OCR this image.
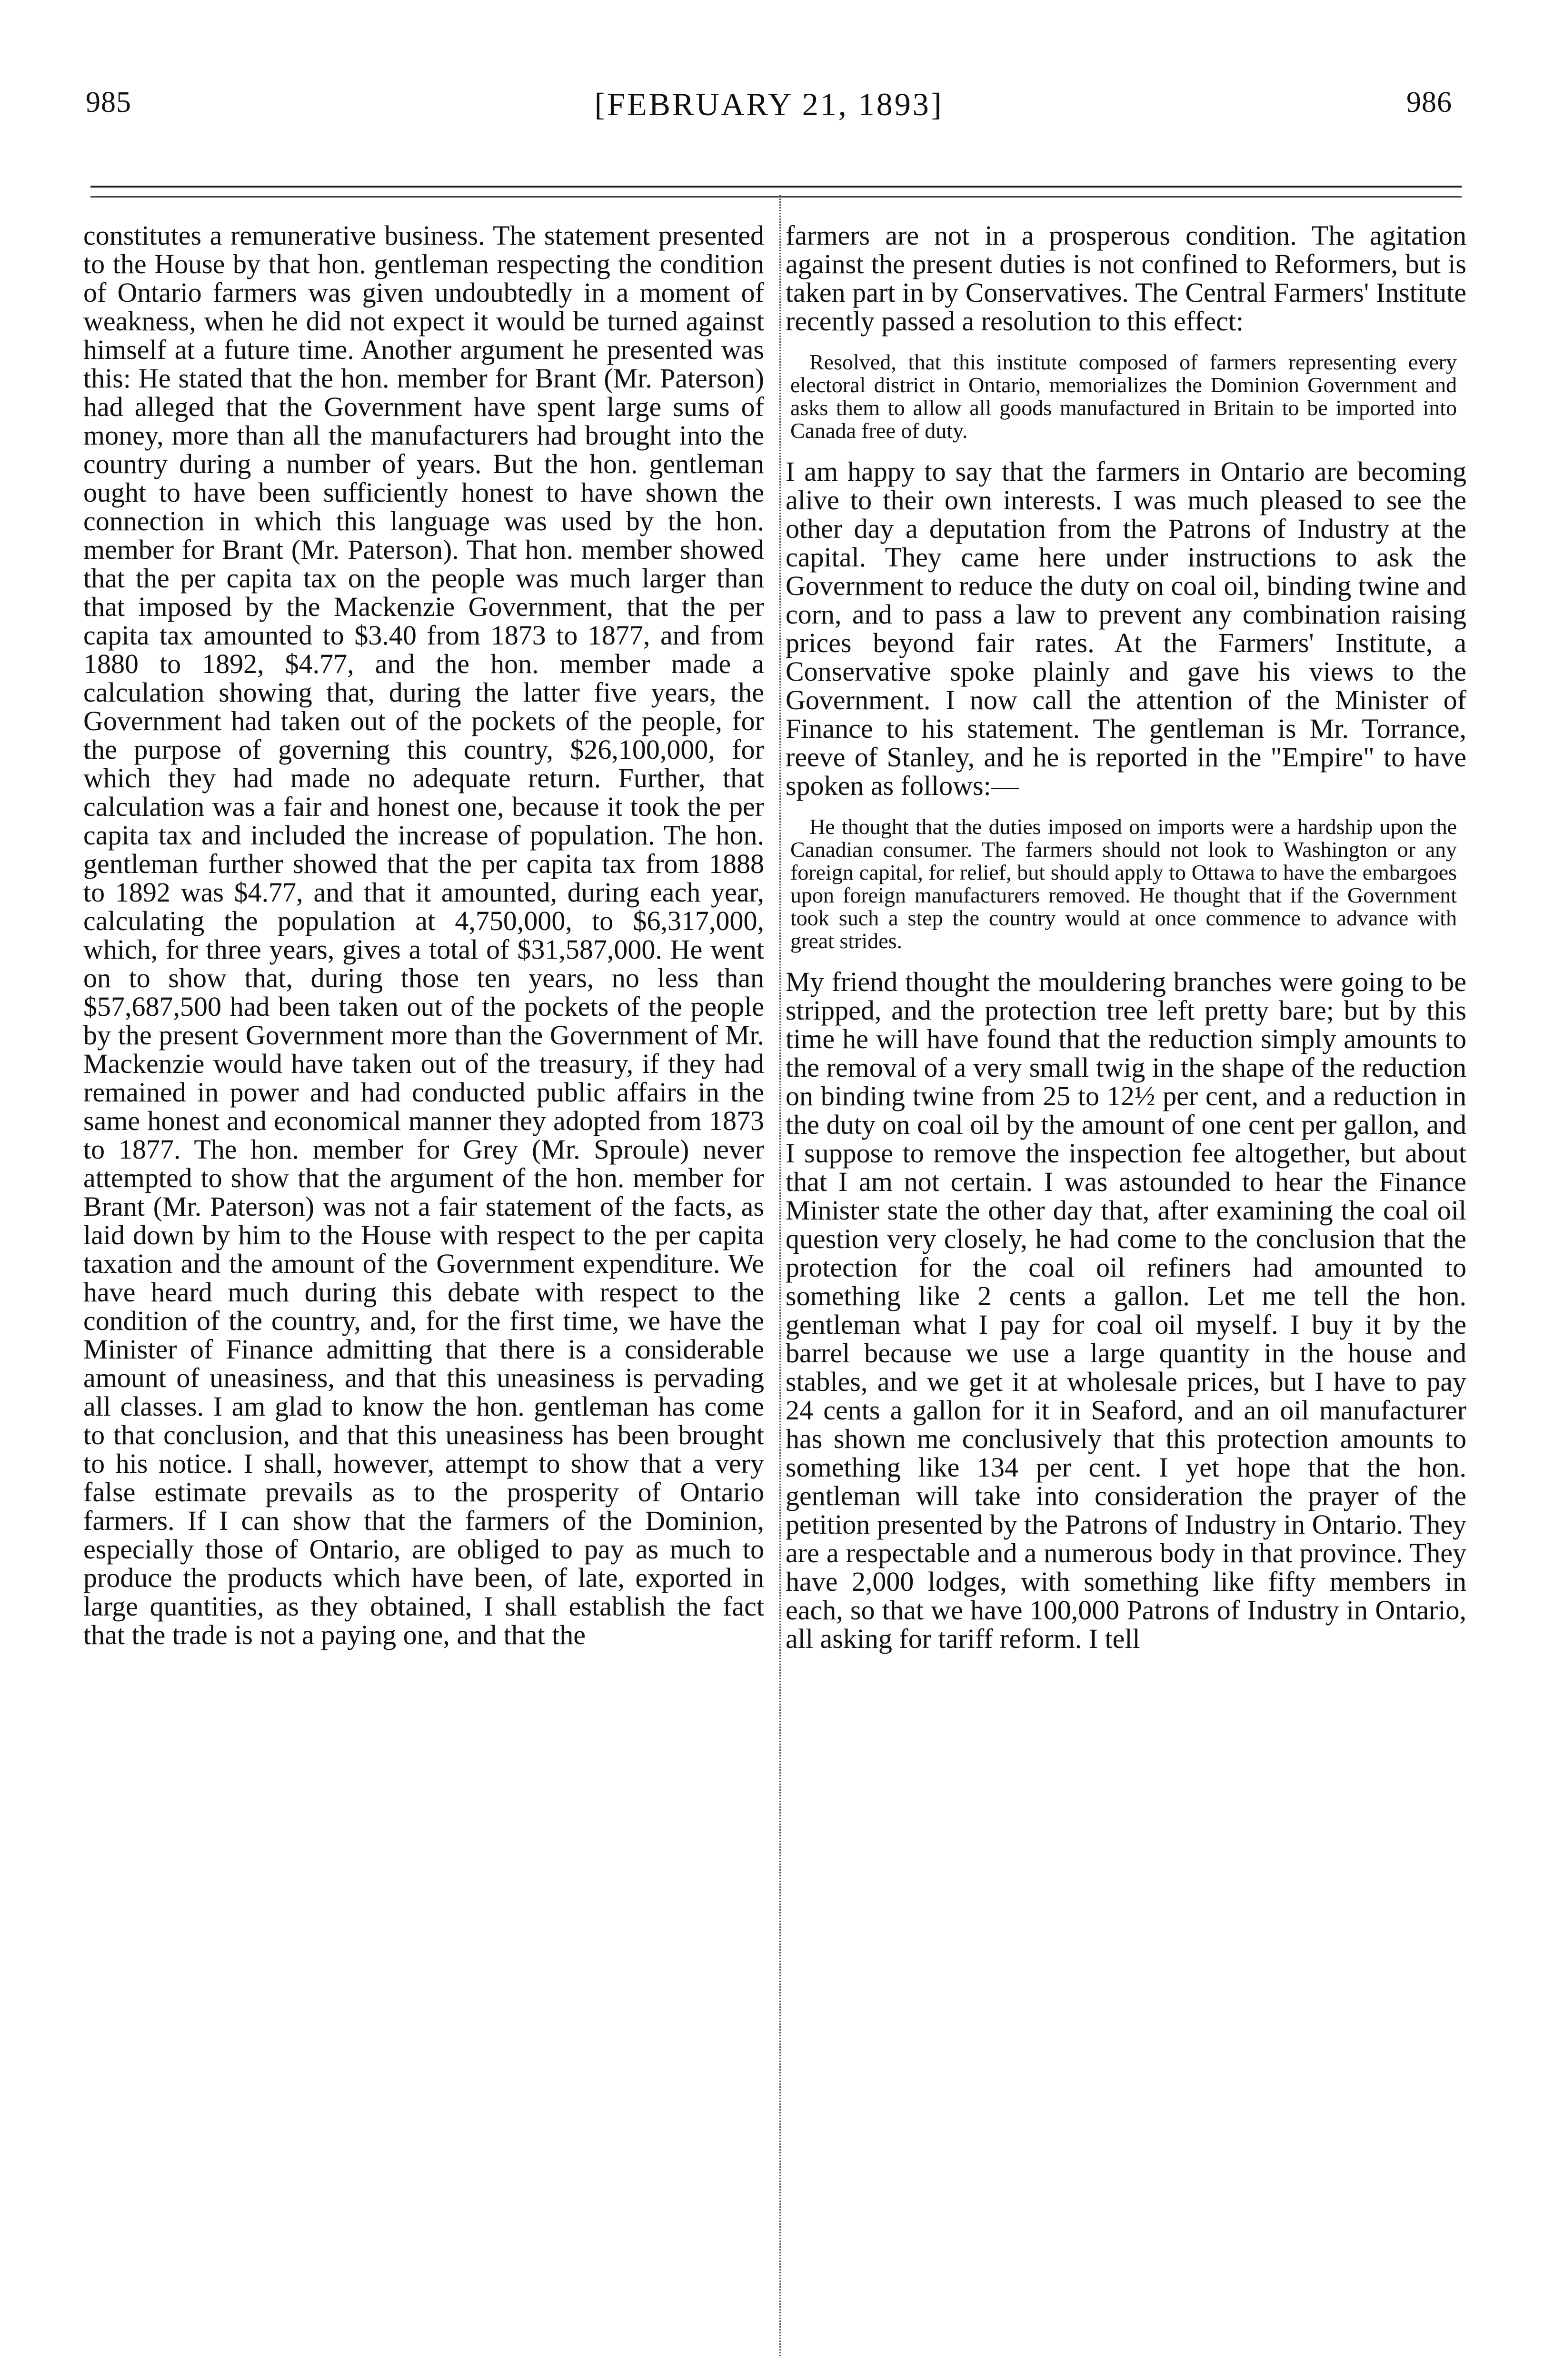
985	[FEBRUARY 21, 1893]	986

constitutes a remunerative business. The statement presented to the House by that hon. gentleman respecting the condition of Ontario farmers was given undoubtedly in a moment of weakness, when he did not expect it would be turned against himself at a future time. Another argument he presented was this: He stated that the hon. member for Brant (Mr. Paterson) had alleged that the Government have spent large sums of money, more than all the manufacturers had brought into the country during a number of years. But the hon. gentleman ought to have been sufficiently honest to have shown the connection in which this language was used by the hon. member for Brant (Mr. Paterson). That hon. member showed that the per capita tax on the people was much larger than that imposed by the Mackenzie Government, that the per capita tax amounted to $3.40 from 1873 to 1877, and from 1880 to 1892, $4.77, and the hon. member made a calculation showing that, during the latter five years, the Government had taken out of the pockets of the people, for the purpose of governing this country, $26,100,000, for which they had made no adequate return. Further, that calculation was a fair and honest one, because it took the per capita tax and included the increase of population. The hon. gentleman further showed that the per capita tax from 1888 to 1892 was $4.77, and that it amounted, during each year, calculating the population at 4,750,000, to $6,317,000, which, for three years, gives a total of $31,587,000. He went on to show that, during those ten years, no less than $57,687,500 had been taken out of the pockets of the people by the present Government more than the Government of Mr. Mackenzie would have taken out of the treasury, if they had remained in power and had conducted public affairs in the same honest and economical manner they adopted from 1873 to 1877. The hon. member for Grey (Mr. Sproule) never attempted to show that the argument of the hon. member for Brant (Mr. Paterson) was not a fair statement of the facts, as laid down by him to the House with respect to the per capita taxation and the amount of the Government expenditure. We have heard much during this debate with respect to the condition of the country, and, for the first time, we have the Minister of Finance admitting that there is a considerable amount of uneasiness, and that this uneasiness is pervading all classes. I am glad to know the hon. gentleman has come to that conclusion, and that this uneasiness has been brought to his notice. I shall, however, attempt to show that a very false estimate prevails as to the prosperity of Ontario farmers. If I can show that the farmers of the Dominion, especially those of Ontario, are obliged to pay as much to produce the products which have been, of late, exported in large quantities, as they obtained, I shall establish the fact that the trade is not a paying one, and that the

farmers are not in a prosperous condition. The agitation against the present duties is not confined to Reformers, but is taken part in by Conservatives. The Central Farmers' Institute recently passed a resolution to this effect:

Resolved, that this institute composed of farmers representing every electoral district in Ontario, memorializes the Dominion Government and asks them to allow all goods manufactured in Britain to be imported into Canada free of duty.

I am happy to say that the farmers in Ontario are becoming alive to their own interests. I was much pleased to see the other day a deputation from the Patrons of Industry at the capital. They came here under instructions to ask the Government to reduce the duty on coal oil, binding twine and corn, and to pass a law to prevent any combination raising prices beyond fair rates. At the Farmers' Institute, a Conservative spoke plainly and gave his views to the Government. I now call the attention of the Minister of Finance to his statement. The gentleman is Mr. Torrance, reeve of Stanley, and he is reported in the "Empire" to have spoken as follows:—

He thought that the duties imposed on imports were a hardship upon the Canadian consumer. The farmers should not look to Washington or any foreign capital, for relief, but should apply to Ottawa to have the embargoes upon foreign manufacturers removed. He thought that if the Government took such a step the country would at once commence to advance with great strides.

My friend thought the mouldering branches were going to be stripped, and the protection tree left pretty bare; but by this time he will have found that the reduction simply amounts to the removal of a very small twig in the shape of the reduction on binding twine from 25 to 12½ per cent, and a reduction in the duty on coal oil by the amount of one cent per gallon, and I suppose to remove the inspection fee altogether, but about that I am not certain. I was astounded to hear the Finance Minister state the other day that, after examining the coal oil question very closely, he had come to the conclusion that the protection for the coal oil refiners had amounted to something like 2 cents a gallon. Let me tell the hon. gentleman what I pay for coal oil myself. I buy it by the barrel because we use a large quantity in the house and stables, and we get it at wholesale prices, but I have to pay 24 cents a gallon for it in Seaford, and an oil manufacturer has shown me conclusively that this protection amounts to something like 134 per cent. I yet hope that the hon. gentleman will take into consideration the prayer of the petition presented by the Patrons of Industry in Ontario. They are a respectable and a numerous body in that province. They have 2,000 lodges, with something like fifty members in each, so that we have 100,000 Patrons of Industry in Ontario, all asking for tariff reform. I tell
